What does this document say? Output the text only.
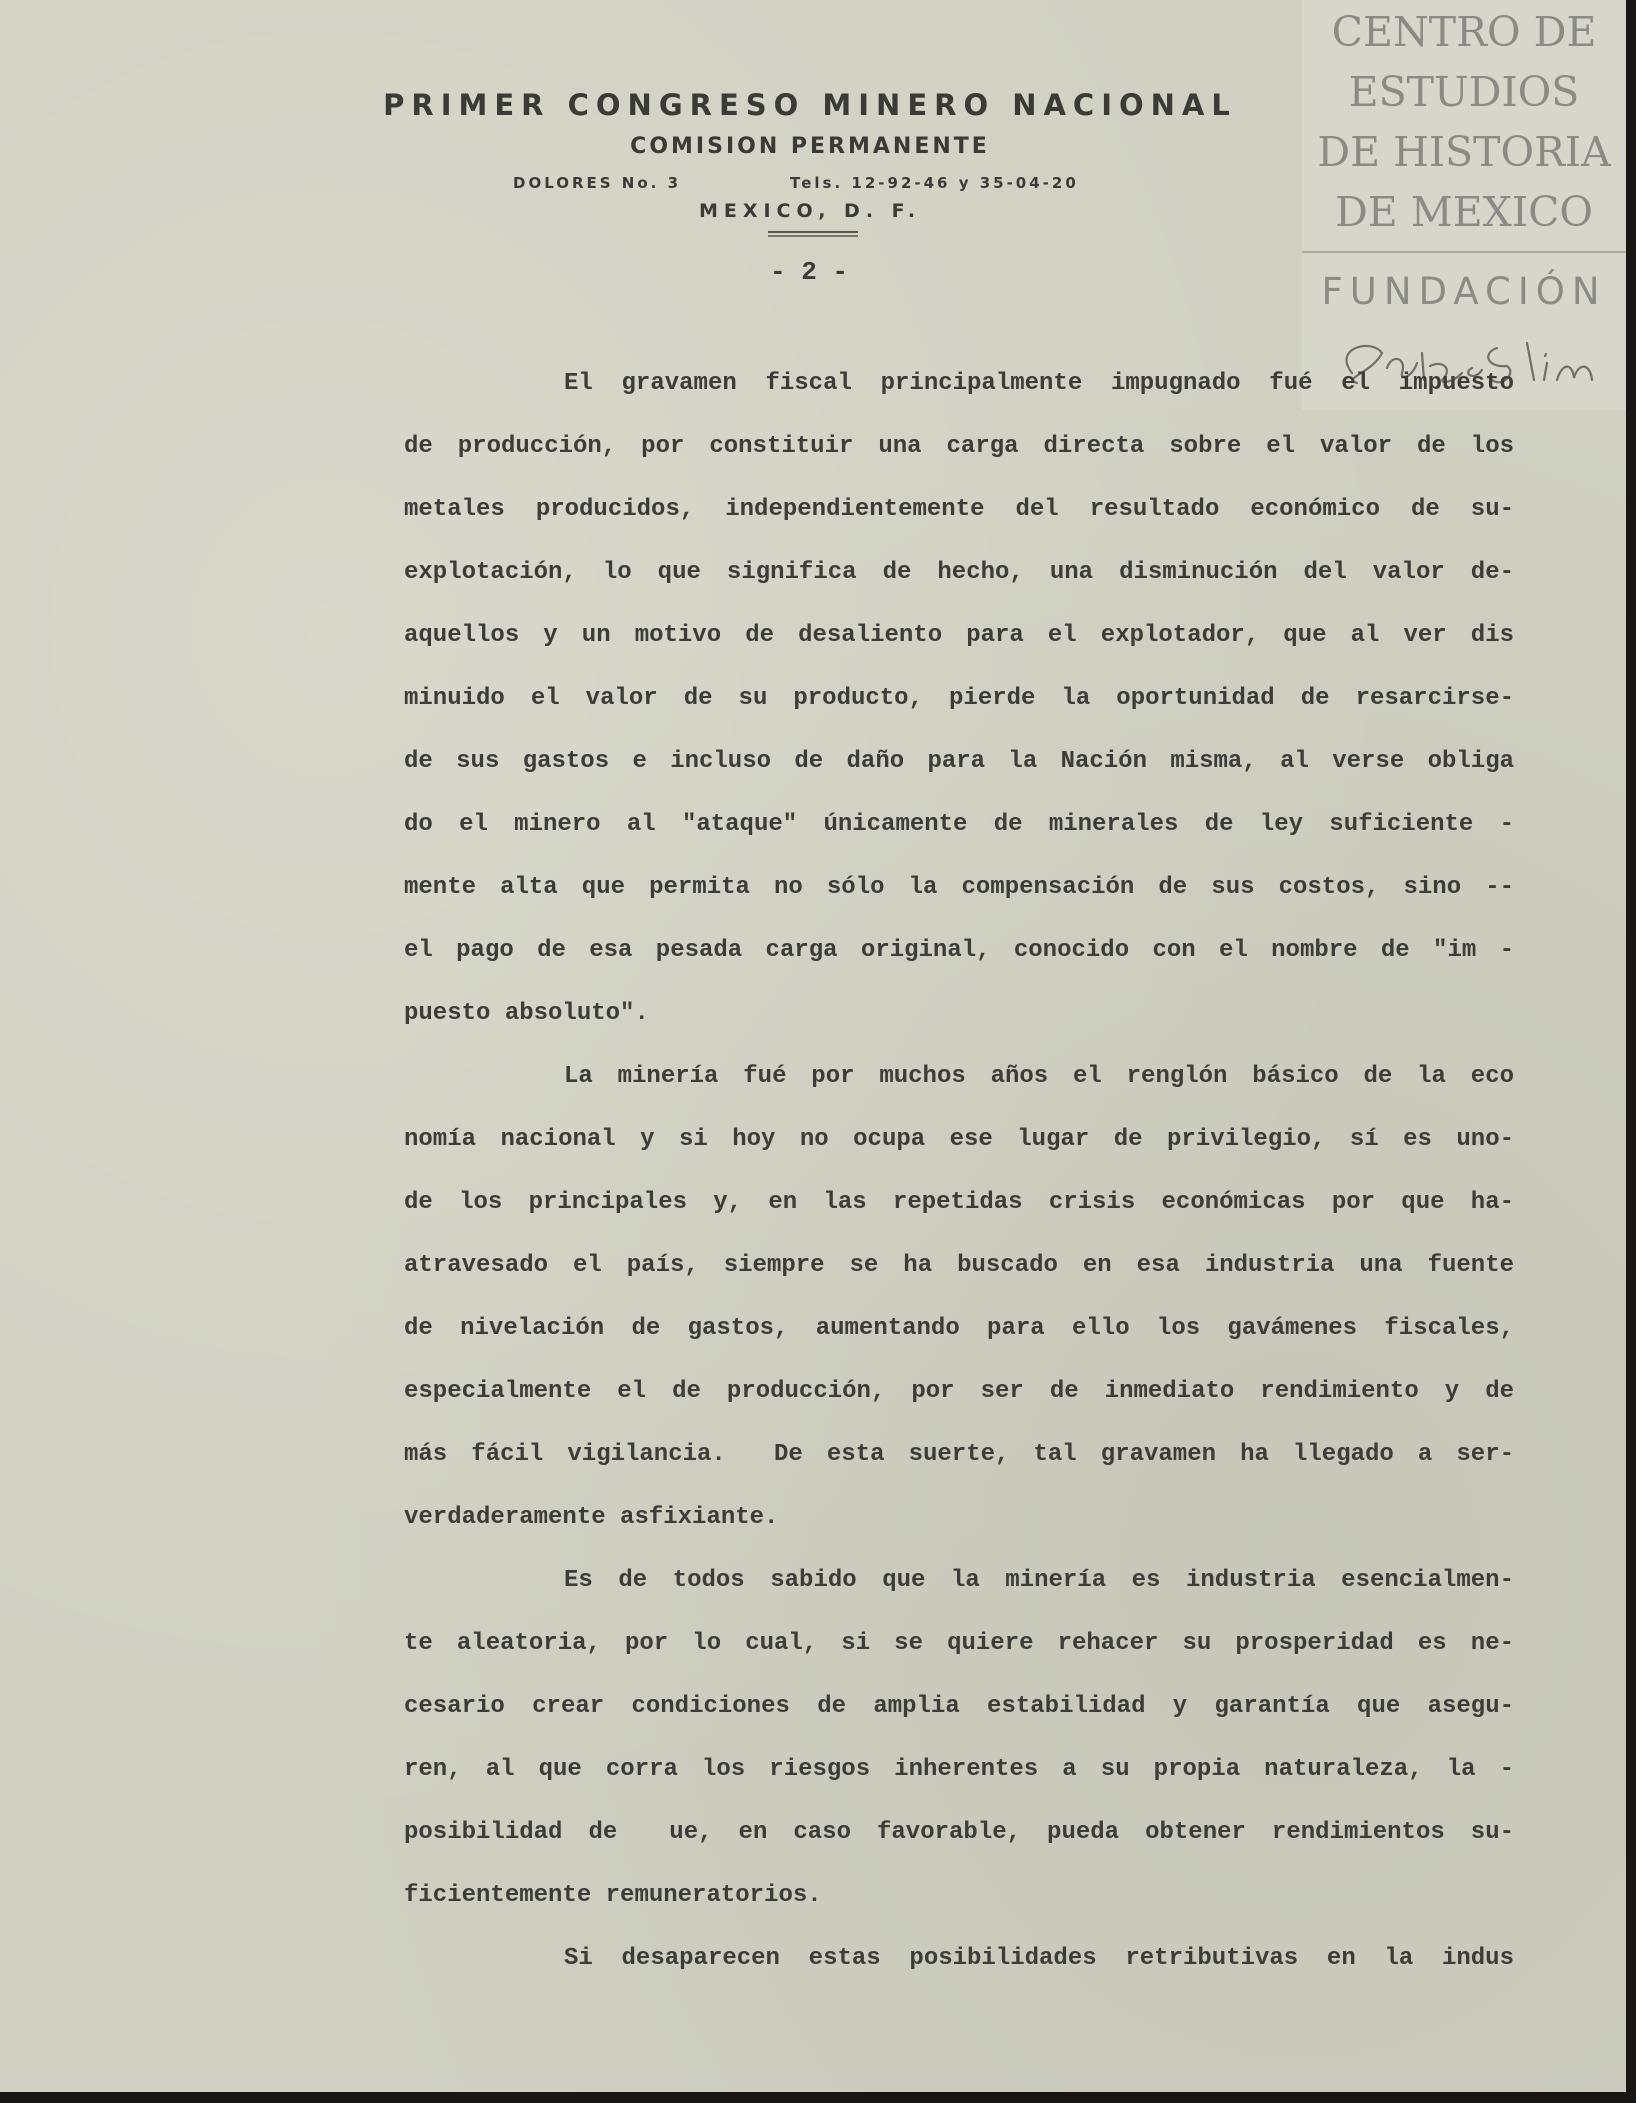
PRIMER CONGRESO MINERO NACIONAL
COMISION PERMANENTE
DOLORES No. 3	Tels. 12-92-46 y 35-04-20
MEXICO, D. F.
- 2 -
CENTRO DE
ESTUDIOS
DE HISTORIA
DE MEXICO
FUNDACIÓN
El gravamen fiscal principalmente impugnado fué el impuesto
de producción, por constituir una carga directa sobre el valor de los
metales producidos, independientemente del resultado económico de su-
explotación, lo que significa de hecho, una disminución del valor de-
aquellos y un motivo de desaliento para el explotador, que al ver dis
minuido el valor de su producto, pierde la oportunidad de resarcirse-
de sus gastos e incluso de daño para la Nación misma, al verse obliga
do el minero al "ataque" únicamente de minerales de ley suficiente -
mente alta que permita no sólo la compensación de sus costos, sino --
el pago de esa pesada carga original, conocido con el nombre de "im -
puesto absoluto".
La minería fué por muchos años el renglón básico de la eco
nomía nacional y si hoy no ocupa ese lugar de privilegio, sí es uno-
de los principales y, en las repetidas crisis económicas por que ha-
atravesado el país, siempre se ha buscado en esa industria una fuente
de nivelación de gastos, aumentando para ello los gavámenes fiscales,
especialmente el de producción, por ser de inmediato rendimiento y de
más fácil vigilancia.  De esta suerte, tal gravamen ha llegado a ser-
verdaderamente asfixiante.
Es de todos sabido que la minería es industria esencialmen-
te aleatoria, por lo cual, si se quiere rehacer su prosperidad es ne-
cesario crear condiciones de amplia estabilidad y garantía que asegu-
ren, al que corra los riesgos inherentes a su propia naturaleza, la -
posibilidad de  ue, en caso favorable, pueda obtener rendimientos su-
ficientemente remuneratorios.
Si desaparecen estas posibilidades retributivas en la indus
